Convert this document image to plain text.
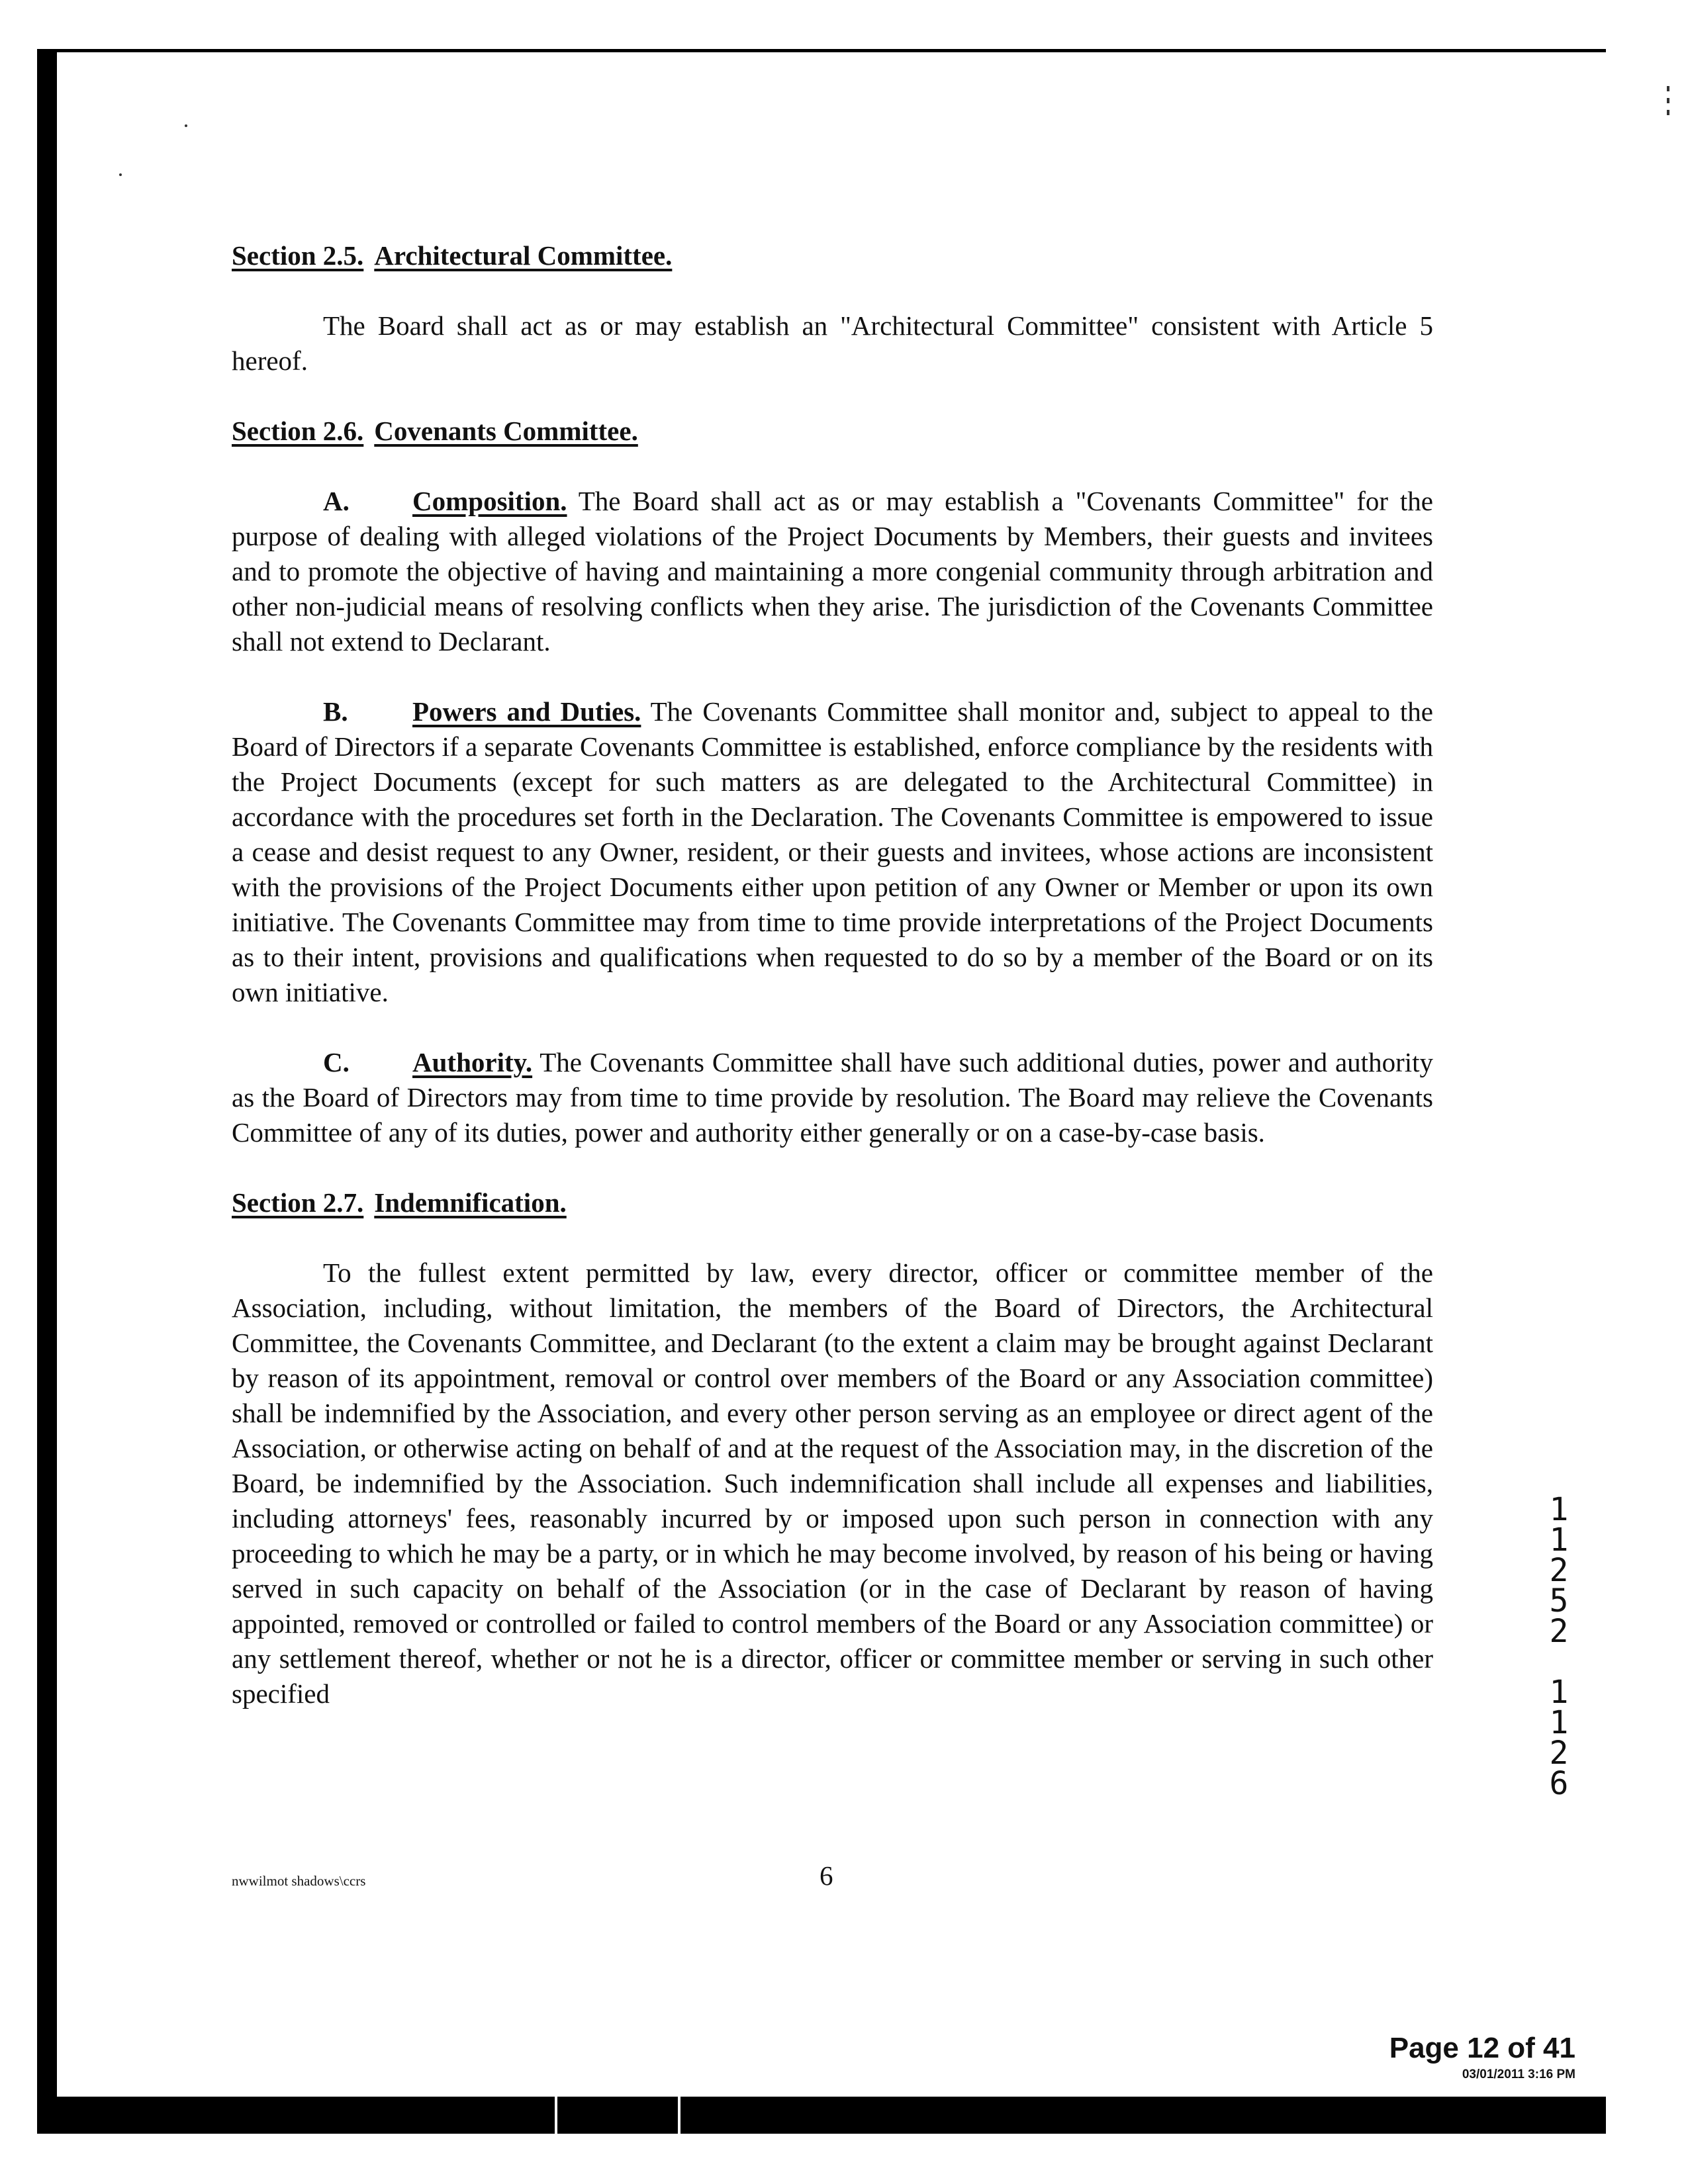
Section 2.5. Architectural Committee.

The Board shall act as or may establish an "Architectural Committee" consistent with Article 5 hereof.

Section 2.6. Covenants Committee.

A. Composition. The Board shall act as or may establish a "Covenants Committee" for the purpose of dealing with alleged violations of the Project Documents by Members, their guests and invitees and to promote the objective of having and maintaining a more congenial community through arbitration and other non-judicial means of resolving conflicts when they arise. The jurisdiction of the Covenants Committee shall not extend to Declarant.

B. Powers and Duties. The Covenants Committee shall monitor and, subject to appeal to the Board of Directors if a separate Covenants Committee is established, enforce compliance by the residents with the Project Documents (except for such matters as are delegated to the Architectural Committee) in accordance with the procedures set forth in the Declaration. The Covenants Committee is empowered to issue a cease and desist request to any Owner, resident, or their guests and invitees, whose actions are inconsistent with the provisions of the Project Documents either upon petition of any Owner or Member or upon its own initiative. The Covenants Committee may from time to time provide interpretations of the Project Documents as to their intent, provisions and qualifications when requested to do so by a member of the Board or on its own initiative.

C. Authority. The Covenants Committee shall have such additional duties, power and authority as the Board of Directors may from time to time provide by resolution. The Board may relieve the Covenants Committee of any of its duties, power and authority either generally or on a case-by-case basis.

Section 2.7. Indemnification.

To the fullest extent permitted by law, every director, officer or committee member of the Association, including, without limitation, the members of the Board of Directors, the Architectural Committee, the Covenants Committee, and Declarant (to the extent a claim may be brought against Declarant by reason of its appointment, removal or control over members of the Board or any Association committee) shall be indemnified by the Association, and every other person serving as an employee or direct agent of the Association, or otherwise acting on behalf of and at the request of the Association may, in the discretion of the Board, be indemnified by the Association. Such indemnification shall include all expenses and liabilities, including attorneys' fees, reasonably incurred by or imposed upon such person in connection with any proceeding to which he may be a party, or in which he may become involved, by reason of his being or having served in such capacity on behalf of the Association (or in the case of Declarant by reason of having appointed, removed or controlled or failed to control members of the Board or any Association committee) or any settlement thereof, whether or not he is a director, officer or committee member or serving in such other specified

nwwilmot shadows\ccrs	6
Page 12 of 41
03/01/2011 3:16 PM
1
1
2
5
2
1
1
2
6
